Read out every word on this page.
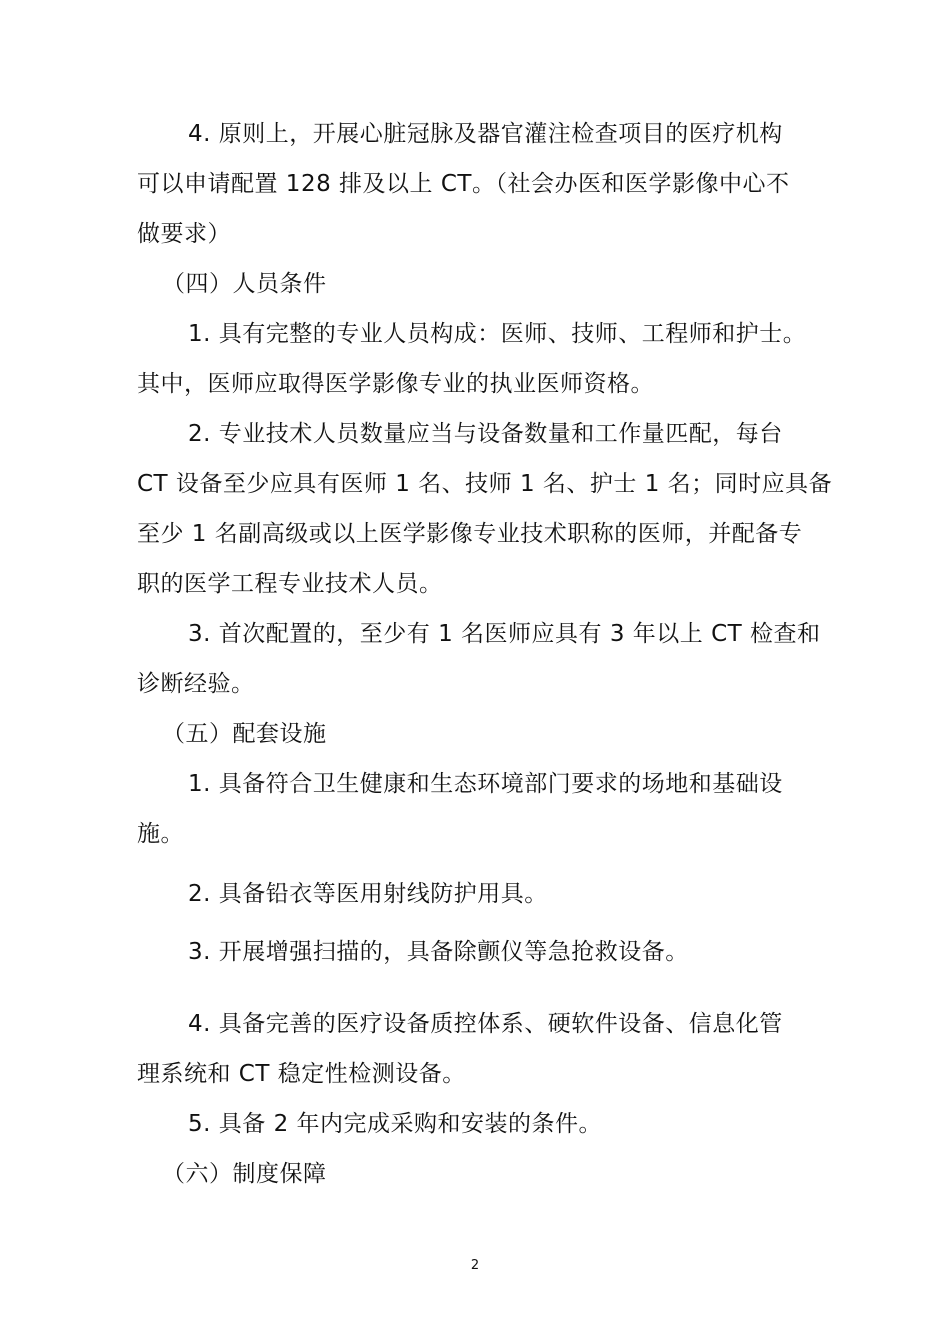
4. 原则上，开展心脏冠脉及器官灌注检查项目的医疗机构
可以申请配置 128 排及以上 CT。（社会办医和医学影像中心不
做要求）
（四）人员条件
1. 具有完整的专业人员构成：医师、技师、工程师和护士。
其中，医师应取得医学影像专业的执业医师资格。
2. 专业技术人员数量应当与设备数量和工作量匹配，每台
CT 设备至少应具有医师 1 名、技师 1 名、护士 1 名；同时应具备
至少 1 名副高级或以上医学影像专业技术职称的医师，并配备专
职的医学工程专业技术人员。
3. 首次配置的，至少有 1 名医师应具有 3 年以上 CT 检查和
诊断经验。
（五）配套设施
1. 具备符合卫生健康和生态环境部门要求的场地和基础设
施。
2. 具备铅衣等医用射线防护用具。
3. 开展增强扫描的，具备除颤仪等急抢救设备。
4. 具备完善的医疗设备质控体系、硬软件设备、信息化管
理系统和 CT 稳定性检测设备。
5. 具备 2 年内完成采购和安装的条件。
（六）制度保障
2
